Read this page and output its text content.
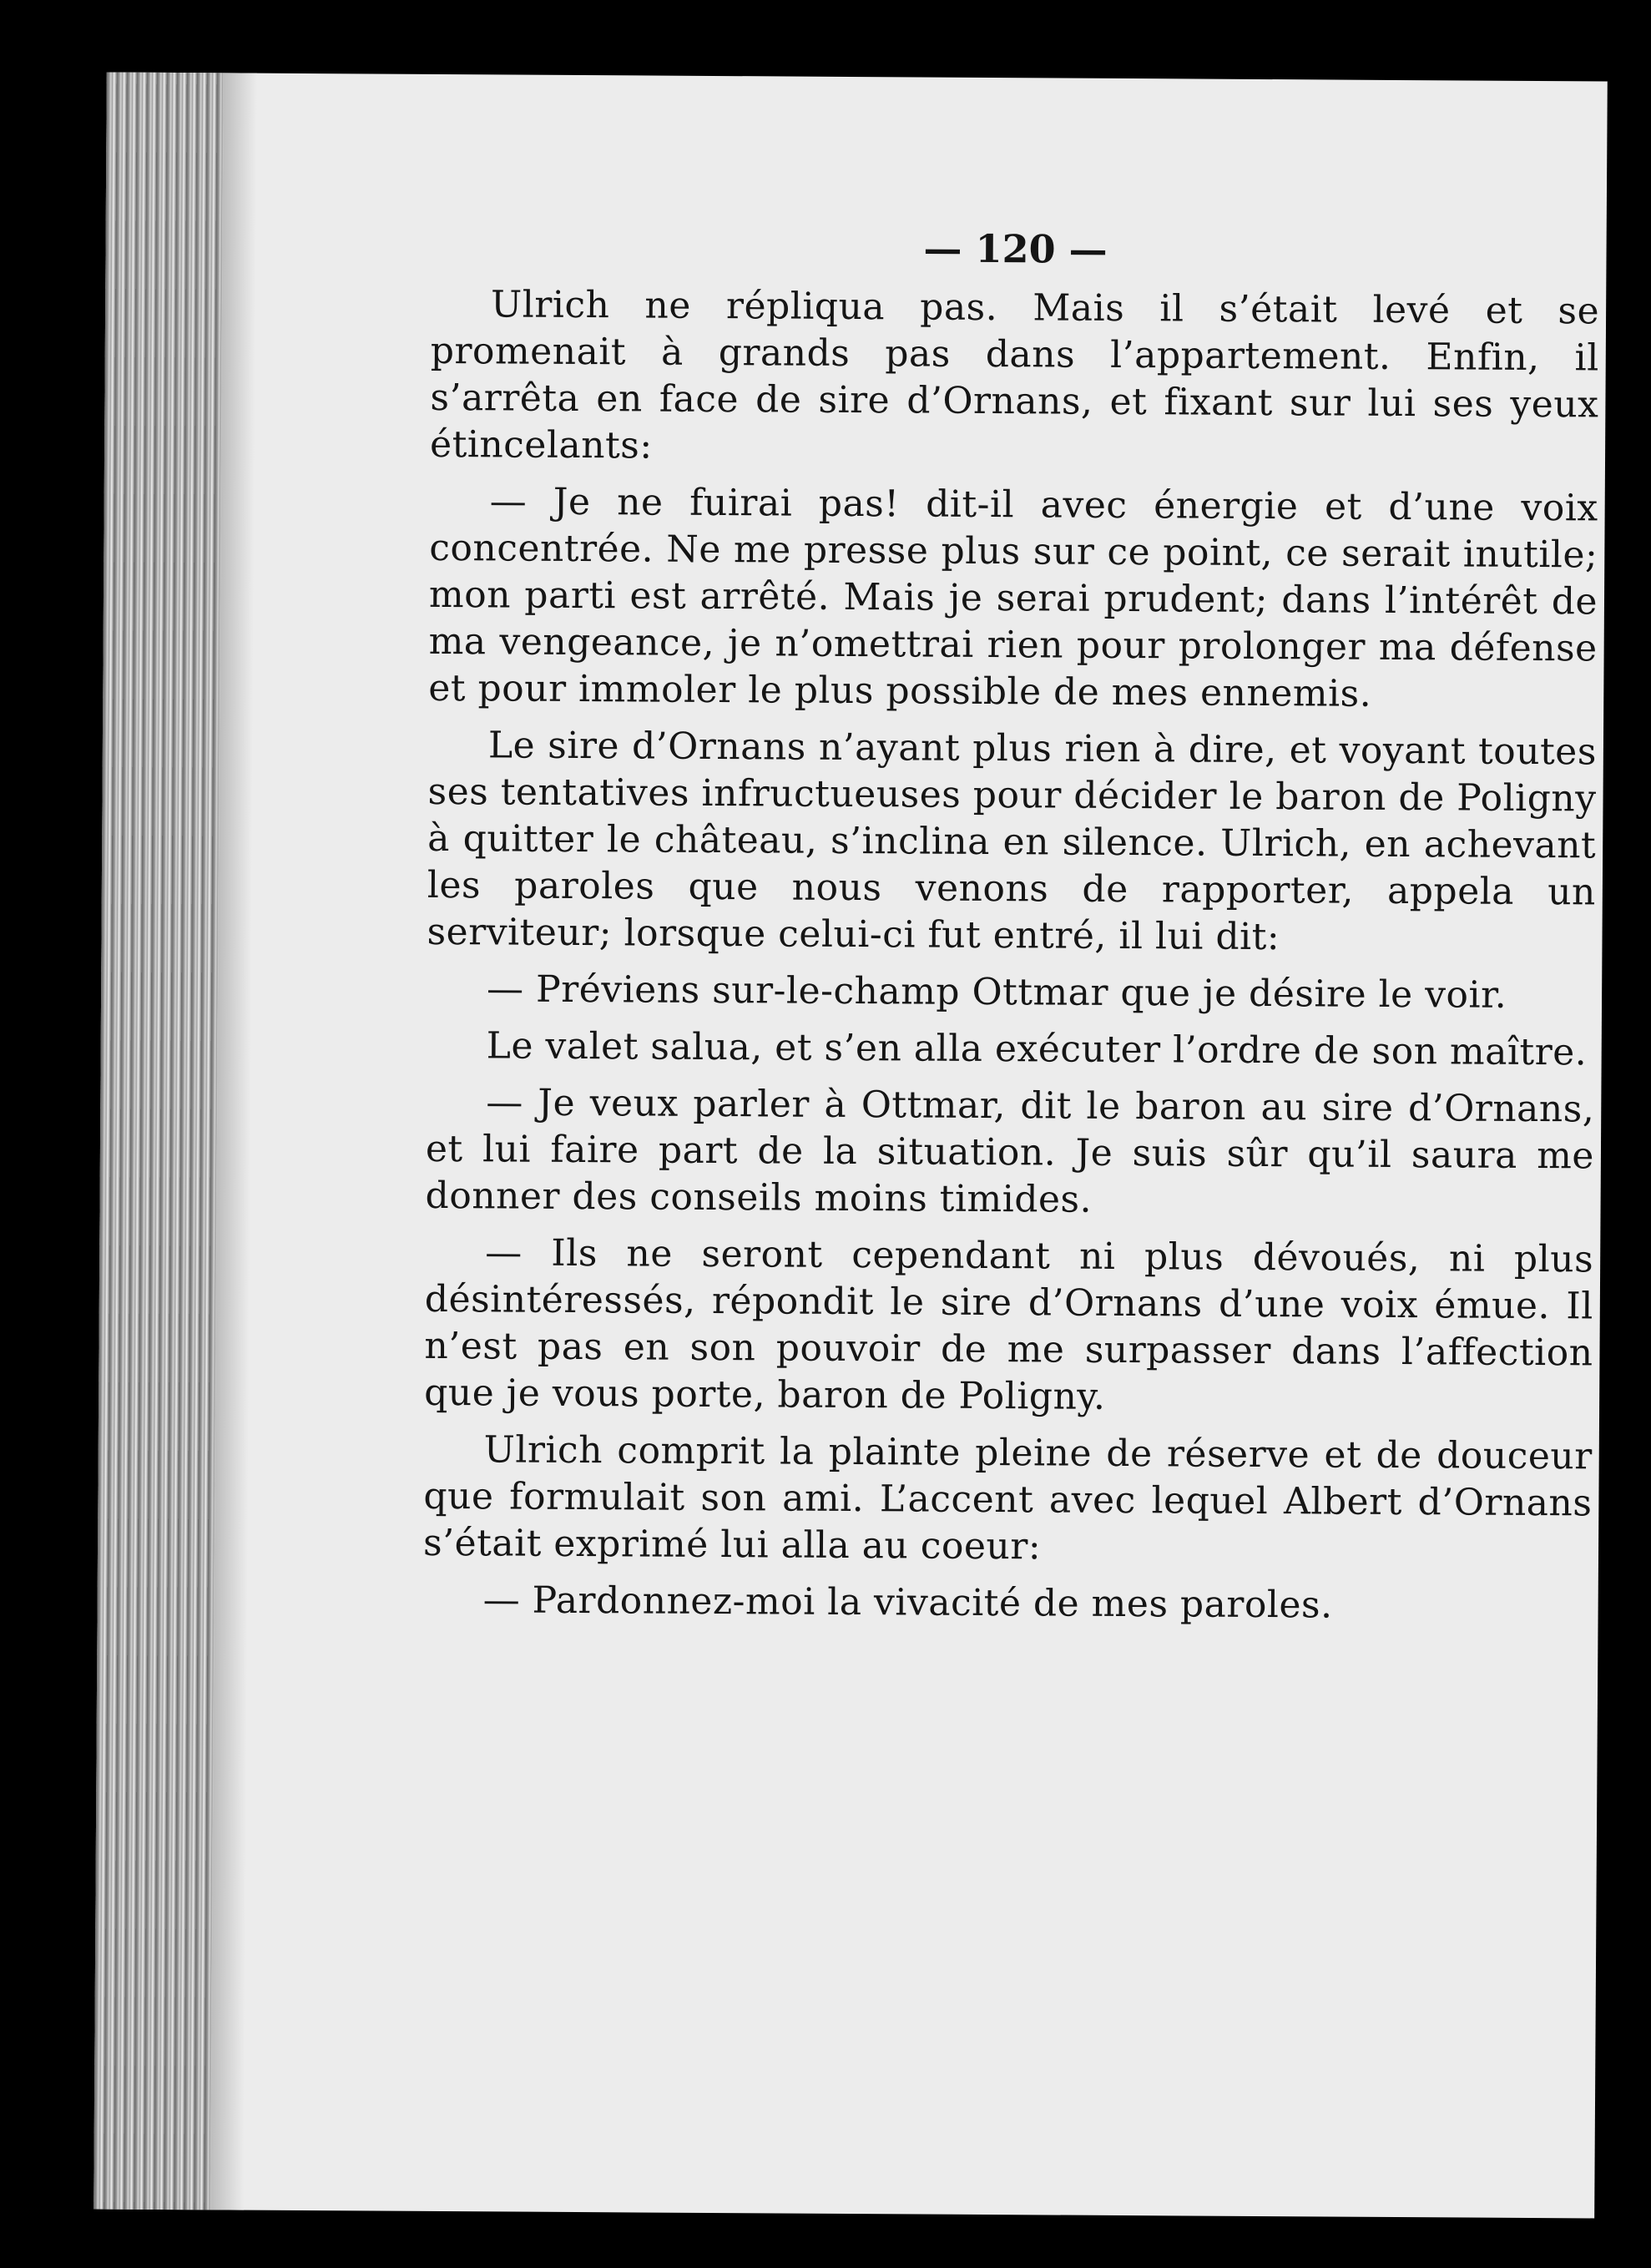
— 120 —

Ulrich ne répliqua pas. Mais il s’était levé et se promenait à grands pas dans l’appartement. Enfin, il s’arrêta en face de sire d’Ornans, et fixant sur lui ses yeux étincelants:

— Je ne fuirai pas! dit-il avec énergie et d’une voix concentrée. Ne me presse plus sur ce point, ce serait inutile; mon parti est arrêté. Mais je serai prudent; dans l’intérêt de ma vengeance, je n’omettrai rien pour prolonger ma défense et pour immoler le plus possible de mes ennemis.

Le sire d’Ornans n’ayant plus rien à dire, et voyant toutes ses tentatives infructueuses pour décider le baron de Poligny à quitter le château, s’inclina en silence. Ulrich, en achevant les paroles que nous venons de rapporter, appela un serviteur; lorsque celui-ci fut entré, il lui dit:

— Préviens sur-le-champ Ottmar que je désire le voir.

Le valet salua, et s’en alla exécuter l’ordre de son maître.

— Je veux parler à Ottmar, dit le baron au sire d’Ornans, et lui faire part de la situation. Je suis sûr qu’il saura me donner des conseils moins timides.

— Ils ne seront cependant ni plus dévoués, ni plus désintéressés, répondit le sire d’Ornans d’une voix émue. Il n’est pas en son pouvoir de me surpasser dans l’affection que je vous porte, baron de Poligny.

Ulrich comprit la plainte pleine de réserve et de douceur que formulait son ami. L’accent avec lequel Albert d’Ornans s’était exprimé lui alla au coeur:

— Pardonnez-moi la vivacité de mes paroles.
